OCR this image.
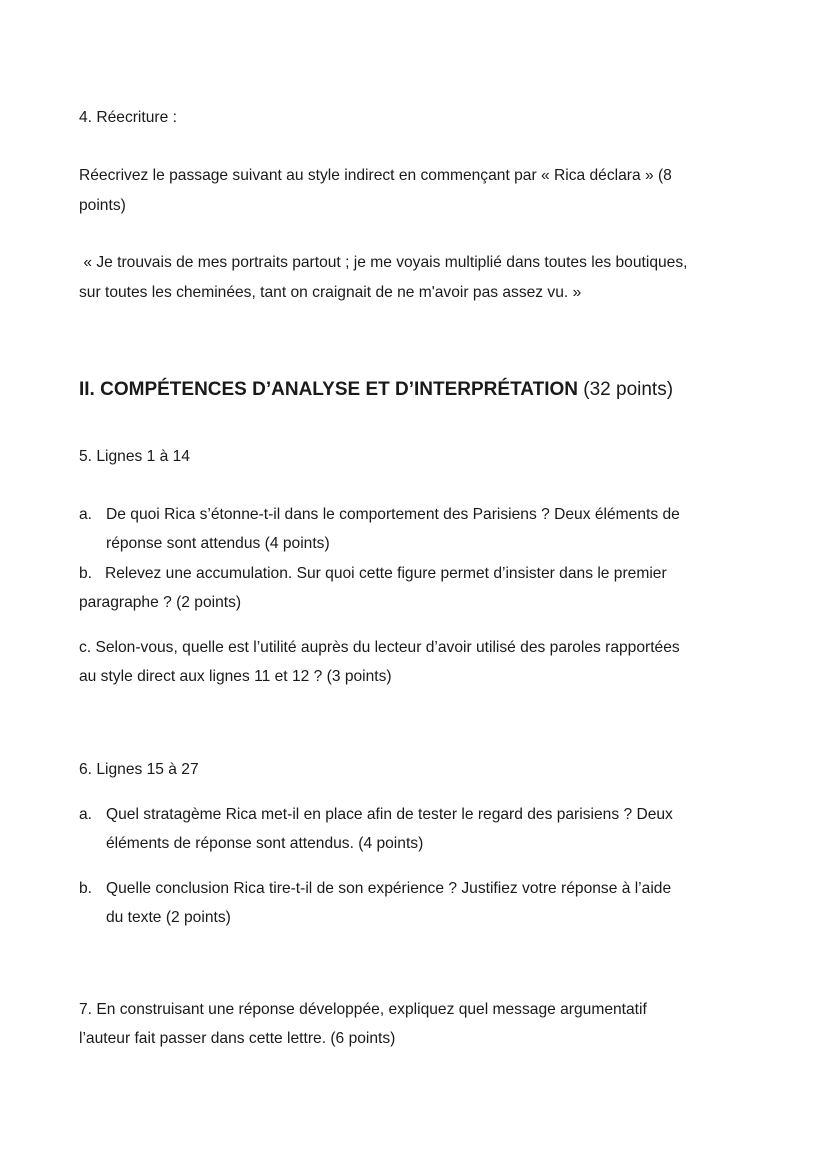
4. Réecriture :
Réecrivez le passage suivant au style indirect en commençant par « Rica déclara » (8
points)
« Je trouvais de mes portraits partout ; je me voyais multiplié dans toutes les boutiques,
sur toutes les cheminées, tant on craignait de ne m'avoir pas assez vu. »
II. COMPÉTENCES D’ANALYSE ET D’INTERPRÉTATION (32 points)
5. Lignes 1 à 14
a. De quoi Rica s’étonne-t-il dans le comportement des Parisiens ? Deux éléments de
réponse sont attendus (4 points)
b.   Relevez une accumulation. Sur quoi cette figure permet d’insister dans le premier
paragraphe ? (2 points)
c. Selon-vous, quelle est l’utilité auprès du lecteur d’avoir utilisé des paroles rapportées
au style direct aux lignes 11 et 12 ? (3 points)
6. Lignes 15 à 27
a. Quel stratagème Rica met-il en place afin de tester le regard des parisiens ? Deux
éléments de réponse sont attendus. (4 points)
b. Quelle conclusion Rica tire-t-il de son expérience ? Justifiez votre réponse à l’aide
du texte (2 points)
7. En construisant une réponse développée, expliquez quel message argumentatif
l’auteur fait passer dans cette lettre. (6 points)
